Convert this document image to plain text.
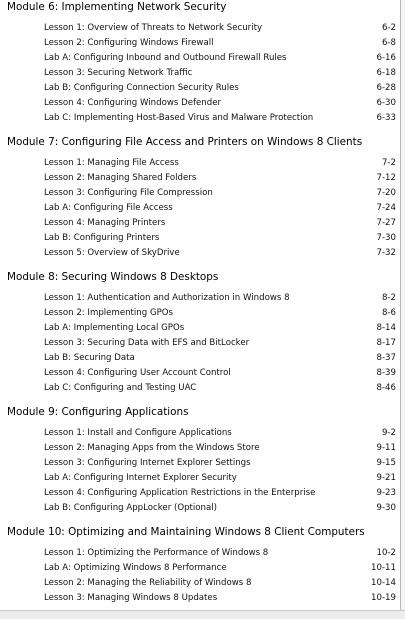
Module 6: Implementing Network Security
Lesson 1: Overview of Threats to Network Security	6-2
Lesson 2: Configuring Windows Firewall	6-8
Lab A: Configuring Inbound and Outbound Firewall Rules	6-16
Lesson 3: Securing Network Traffic	6-18
Lab B: Configuring Connection Security Rules	6-28
Lesson 4: Configuring Windows Defender	6-30
Lab C: Implementing Host-Based Virus and Malware Protection	6-33
Module 7: Configuring File Access and Printers on Windows 8 Clients
Lesson 1: Managing File Access	7-2
Lesson 2: Managing Shared Folders	7-12
Lesson 3: Configuring File Compression	7-20
Lab A: Configuring File Access	7-24
Lesson 4: Managing Printers	7-27
Lab B: Configuring Printers	7-30
Lesson 5: Overview of SkyDrive	7-32
Module 8: Securing Windows 8 Desktops
Lesson 1: Authentication and Authorization in Windows 8	8-2
Lesson 2: Implementing GPOs	8-6
Lab A: Implementing Local GPOs	8-14
Lesson 3: Securing Data with EFS and BitLocker	8-17
Lab B: Securing Data	8-37
Lesson 4: Configuring User Account Control	8-39
Lab C: Configuring and Testing UAC	8-46
Module 9: Configuring Applications
Lesson 1: Install and Configure Applications	9-2
Lesson 2: Managing Apps from the Windows Store	9-11
Lesson 3: Configuring Internet Explorer Settings	9-15
Lab A: Configuring Internet Explorer Security	9-21
Lesson 4: Configuring Application Restrictions in the Enterprise	9-23
Lab B: Configuring AppLocker (Optional)	9-30
Module 10: Optimizing and Maintaining Windows 8 Client Computers
Lesson 1: Optimizing the Performance of Windows 8	10-2
Lab A: Optimizing Windows 8 Performance	10-11
Lesson 2: Managing the Reliability of Windows 8	10-14
Lesson 3: Managing Windows 8 Updates	10-19
